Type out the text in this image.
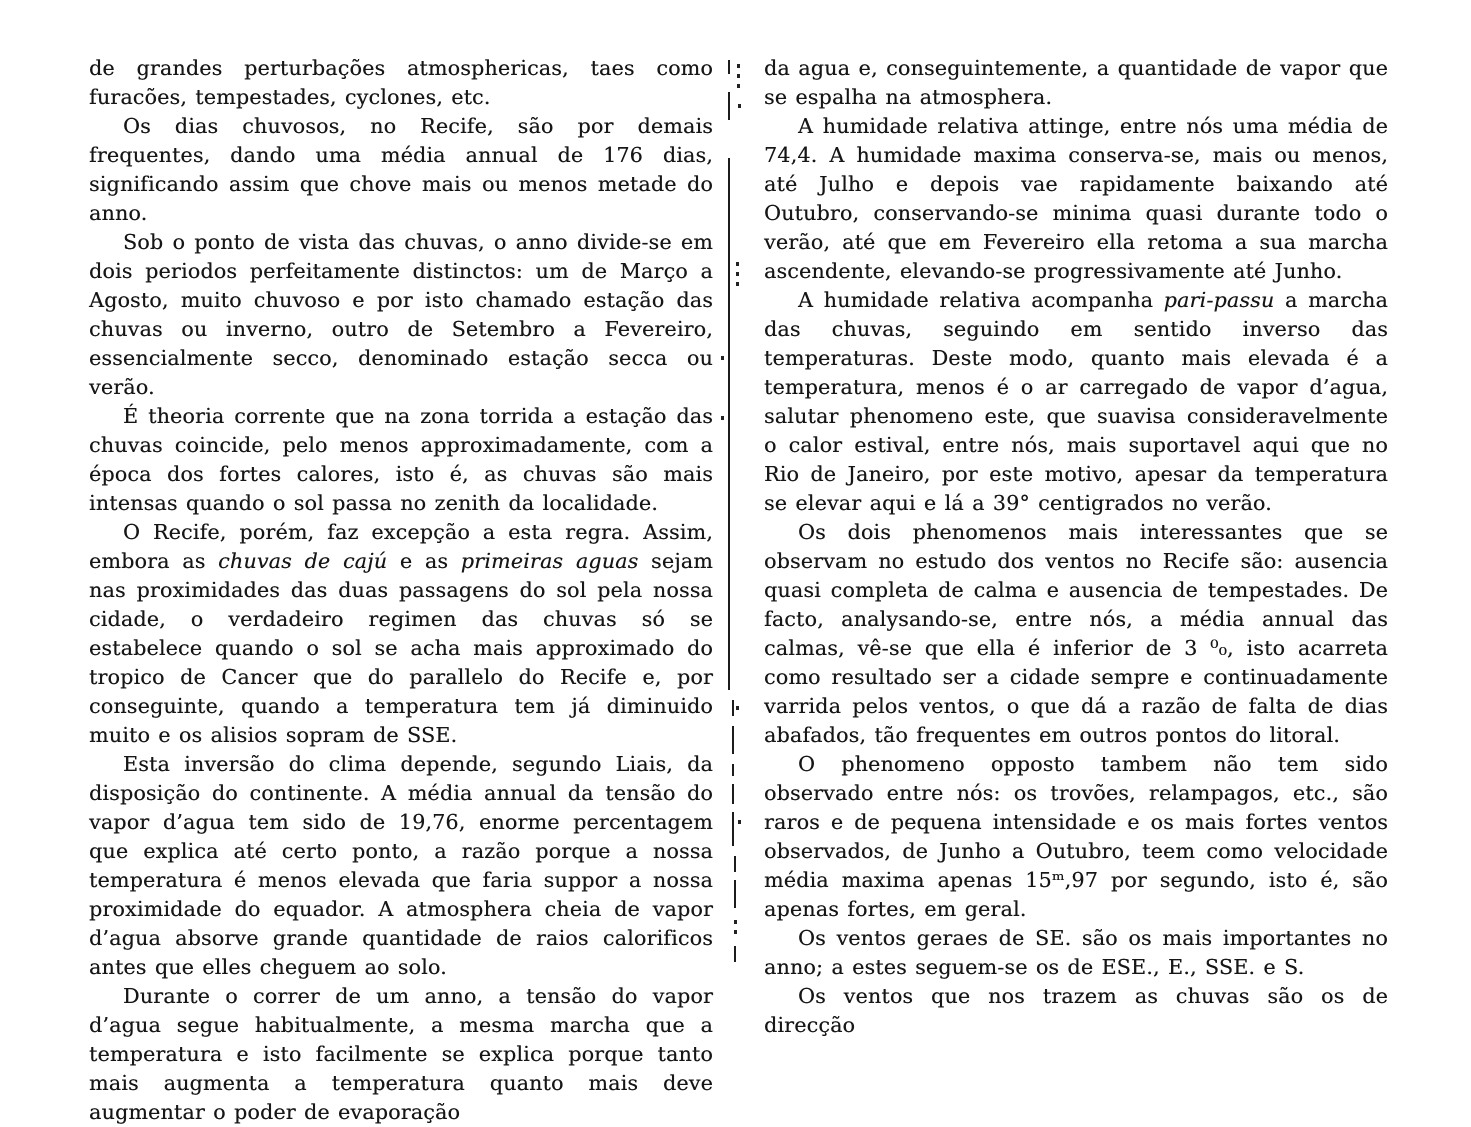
de grandes perturbações atmosphericas, taes como furacões, tempestades, cyclones, etc.

Os dias chuvosos, no Recife, são por demais frequentes, dando uma média annual de 176 dias, significando assim que chove mais ou menos metade do anno.

Sob o ponto de vista das chuvas, o anno divide-se em dois periodos perfeitamente distinctos: um de Março a Agosto, muito chuvoso e por isto chamado estação das chuvas ou inverno, outro de Setembro a Fevereiro, essencialmente secco, denominado estação secca ou verão.

É theoria corrente que na zona torrida a estação das chuvas coincide, pelo menos approximadamente, com a época dos fortes calores, isto é, as chuvas são mais intensas quando o sol passa no zenith da localidade.

O Recife, porém, faz excepção a esta regra. Assim, embora as chuvas de cajú e as primeiras aguas sejam nas proximidades das duas passagens do sol pela nossa cidade, o verdadeiro regimen das chuvas só se estabelece quando o sol se acha mais approximado do tropico de Cancer que do parallelo do Recife e, por conseguinte, quando a temperatura tem já diminuido muito e os alisios sopram de SSE.

Esta inversão do clima depende, segundo Liais, da disposição do continente. A média annual da tensão do vapor d’agua tem sido de 19,76, enorme percentagem que explica até certo ponto, a razão porque a nossa temperatura é menos elevada que faria suppor a nossa proximidade do equador. A atmosphera cheia de vapor d’agua absorve grande quantidade de raios calorificos antes que elles cheguem ao solo.

Durante o correr de um anno, a tensão do vapor d’agua segue habitualmente, a mesma marcha que a temperatura e isto facilmente se explica porque tanto mais augmenta a temperatura quanto mais deve augmentar o poder de evaporação

da agua e, conseguintemente, a quantidade de vapor que se espalha na atmosphera.

A humidade relativa attinge, entre nós uma média de 74,4. A humidade maxima conserva-se, mais ou menos, até Julho e depois vae rapidamente baixando até Outubro, conservando-se minima quasi durante todo o verão, até que em Fevereiro ella retoma a sua marcha ascendente, elevando-se progressivamente até Junho.

A humidade relativa acompanha pari-passu a marcha das chuvas, seguindo em sentido inverso das temperaturas. Deste modo, quanto mais elevada é a temperatura, menos é o ar carregado de vapor d’agua, salutar phenomeno este, que suavisa consideravelmente o calor estival, entre nós, mais suportavel aqui que no Rio de Janeiro, por este motivo, apesar da temperatura se elevar aqui e lá a 39° centigrados no verão.

Os dois phenomenos mais interessantes que se observam no estudo dos ventos no Recife são: ausencia quasi completa de calma e ausencia de tempestades. De facto, analysando-se, entre nós, a média annual das calmas, vê-se que ella é inferior de 3 ⁰₀, isto acarreta como resultado ser a cidade sempre e continuadamente varrida pelos ventos, o que dá a razão de falta de dias abafados, tão frequentes em outros pontos do litoral.

O phenomeno opposto tambem não tem sido observado entre nós: os trovões, relampagos, etc., são raros e de pequena intensidade e os mais fortes ventos observados, de Junho a Outubro, teem como velocidade média maxima apenas 15ᵐ,97 por segundo, isto é, são apenas fortes, em geral.

Os ventos geraes de SE. são os mais importantes no anno; a estes seguem-se os de ESE., E., SSE. e S.

Os ventos que nos trazem as chuvas são os de direcção
